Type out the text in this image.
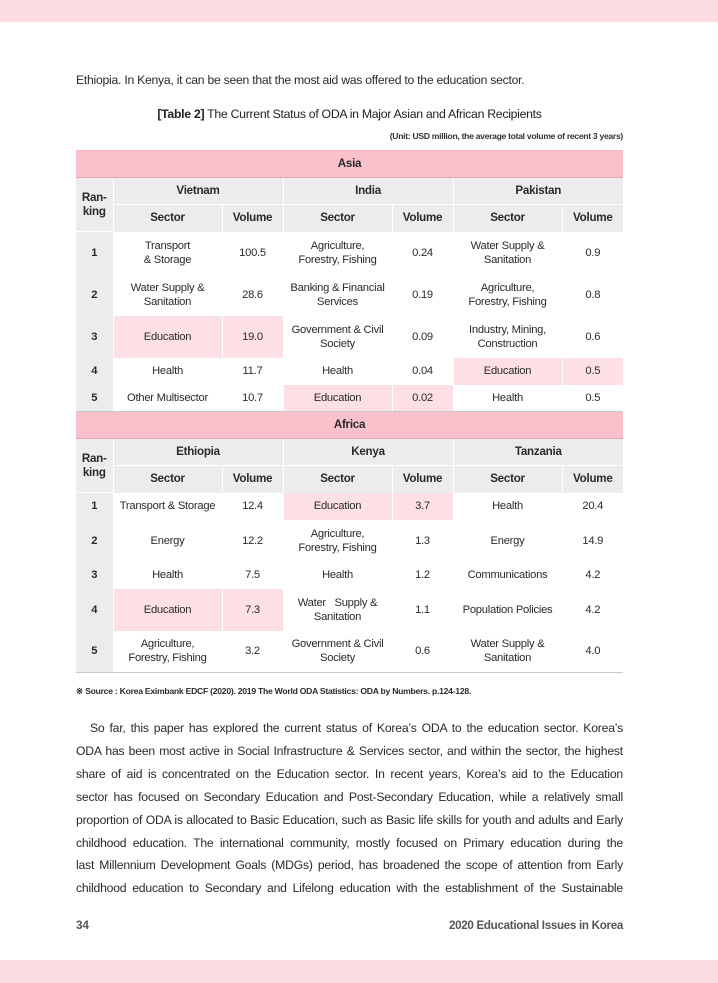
Ethiopia. In Kenya, it can be seen that the most aid was offered to the education sector.

[Table 2] The Current Status of ODA in Major Asian and African Recipients
(Unit: USD million, the average total volume of recent 3 years)
Asia						
Ran-
king	Vietnam		India		Pakistan	
	Sector	Volume	Sector	Volume	Sector	Volume
1	Transport
& Storage	100.5	Agriculture,
Forestry, Fishing	0.24	Water Supply &
Sanitation	0.9
2	Water Supply &
Sanitation	28.6	Banking & Financial
Services	0.19	Agriculture,
Forestry, Fishing	0.8
3	Education	19.0	Government & Civil
Society	0.09	Industry, Mining,
Construction	0.6
4	Health	11.7	Health	0.04	Education	0.5
5	Other Multisector	10.7	Education	0.02	Health	0.5
Africa						
Ran-
king	Ethiopia		Kenya		Tanzania	
	Sector	Volume	Sector	Volume	Sector	Volume
1	Transport & Storage	12.4	Education	3.7	Health	20.4
2	Energy	12.2	Agriculture,
Forestry, Fishing	1.3	Energy	14.9
3	Health	7.5	Health	1.2	Communications	4.2
4	Education	7.3	Water   Supply &
Sanitation	1.1	Population Policies	4.2
5	Agriculture,
Forestry, Fishing	3.2	Government & Civil
Society	0.6	Water Supply &
Sanitation	4.0
※ Source : Korea Eximbank EDCF (2020). 2019 The World ODA Statistics: ODA by Numbers. p.124-128.
So far, this paper has explored the current status of Korea’s ODA to the education sector. Korea’s
ODA has been most active in Social Infrastructure & Services sector, and within the sector, the highest
share of aid is concentrated on the Education sector. In recent years, Korea’s aid to the Education
sector has focused on Secondary Education and Post-Secondary Education, while a relatively small
proportion of ODA is allocated to Basic Education, such as Basic life skills for youth and adults and Early
childhood education. The international community, mostly focused on Primary education during the
last Millennium Development Goals (MDGs) period, has broadened the scope of attention from Early
childhood education to Secondary and Lifelong education with the establishment of the Sustainable
34	2020 Educational Issues in Korea
